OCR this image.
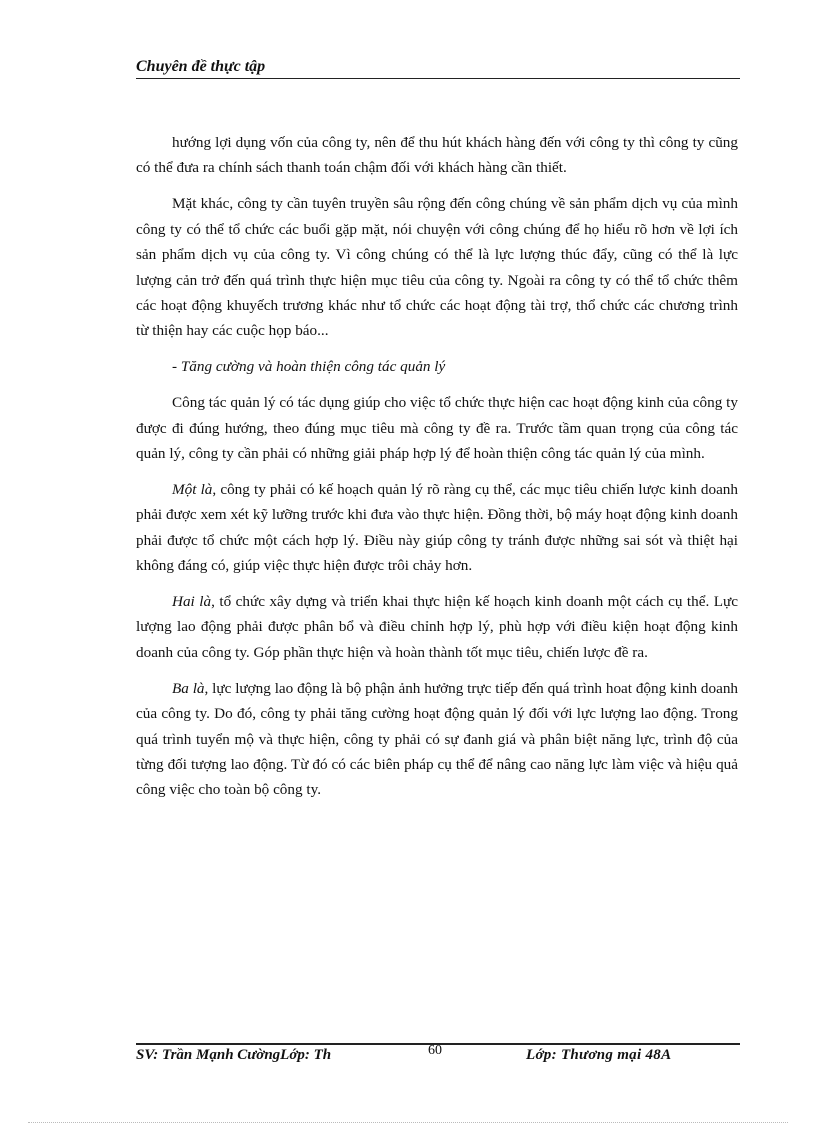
Chuyên đề thực tập

hướng lợi dụng vốn của công ty, nên để thu hút khách hàng đến với công ty thì công ty cũng có thể đưa ra chính sách thanh toán chậm đối với khách hàng cần thiết.

Mặt khác, công ty cần tuyên truyền sâu rộng đến công chúng về sản phẩm dịch vụ của mình công ty có thể tổ chức các buổi gặp mặt, nói chuyện với công chúng để họ hiểu rõ hơn về lợi ích sản phẩm dịch vụ của công ty. Vì công chúng có thể là lực lượng thúc đẩy, cũng có thể là lực lượng cản trở đến quá trình thực hiện mục tiêu của công ty. Ngoài ra công ty có thể tổ chức thêm các hoạt động khuyếch trương khác như tổ chức các hoạt động tài trợ, thổ chức các chương trình từ thiện hay các cuộc họp báo...

- Tăng cường và hoàn thiện công tác quản lý

Công tác quản lý có tác dụng giúp cho việc tổ chức thực hiện cac hoạt động kinh của công ty được đi đúng hướng, theo đúng mục tiêu mà công ty đề ra. Trước tầm quan trọng của công tác quản lý, công ty cần phải có những giải pháp hợp lý để hoàn thiện công tác quản lý của mình.

Một là, công ty phải có kế hoạch quản lý rõ ràng cụ thể, các mục tiêu chiến lược kinh doanh phải được xem xét kỹ lưỡng trước khi đưa vào thực hiện. Đồng thời, bộ máy hoạt động kinh doanh phải được tổ chức một cách hợp lý. Điều này giúp công ty tránh được những sai sót và thiệt hại không đáng có, giúp việc thực hiện được trôi chảy hơn.

Hai là, tổ chức xây dựng và triển khai thực hiện kế hoạch kinh doanh một cách cụ thể. Lực lượng lao động phải được phân bổ và điều chỉnh hợp lý, phù hợp với điều kiện hoạt động kinh doanh của công ty. Góp phần thực hiện và hoàn thành tốt mục tiêu, chiến lược đề ra.

Ba là, lực lượng lao động là bộ phận ảnh hưởng trực tiếp đến quá trình hoat động kinh doanh của công ty. Do đó, công ty phải tăng cường hoạt động quản lý đối với lực lượng lao động. Trong quá trình tuyển mộ và thực hiện, công ty phải có sự đanh giá và phân biệt năng lực, trình độ của từng đối tượng lao động. Từ đó có các biên pháp cụ thể để nâng cao năng lực làm việc và hiệu quả công việc cho toàn bộ công ty.

SV: Trần Mạnh CườngLớp: Th	60	Lớp: Thương mại 48A
